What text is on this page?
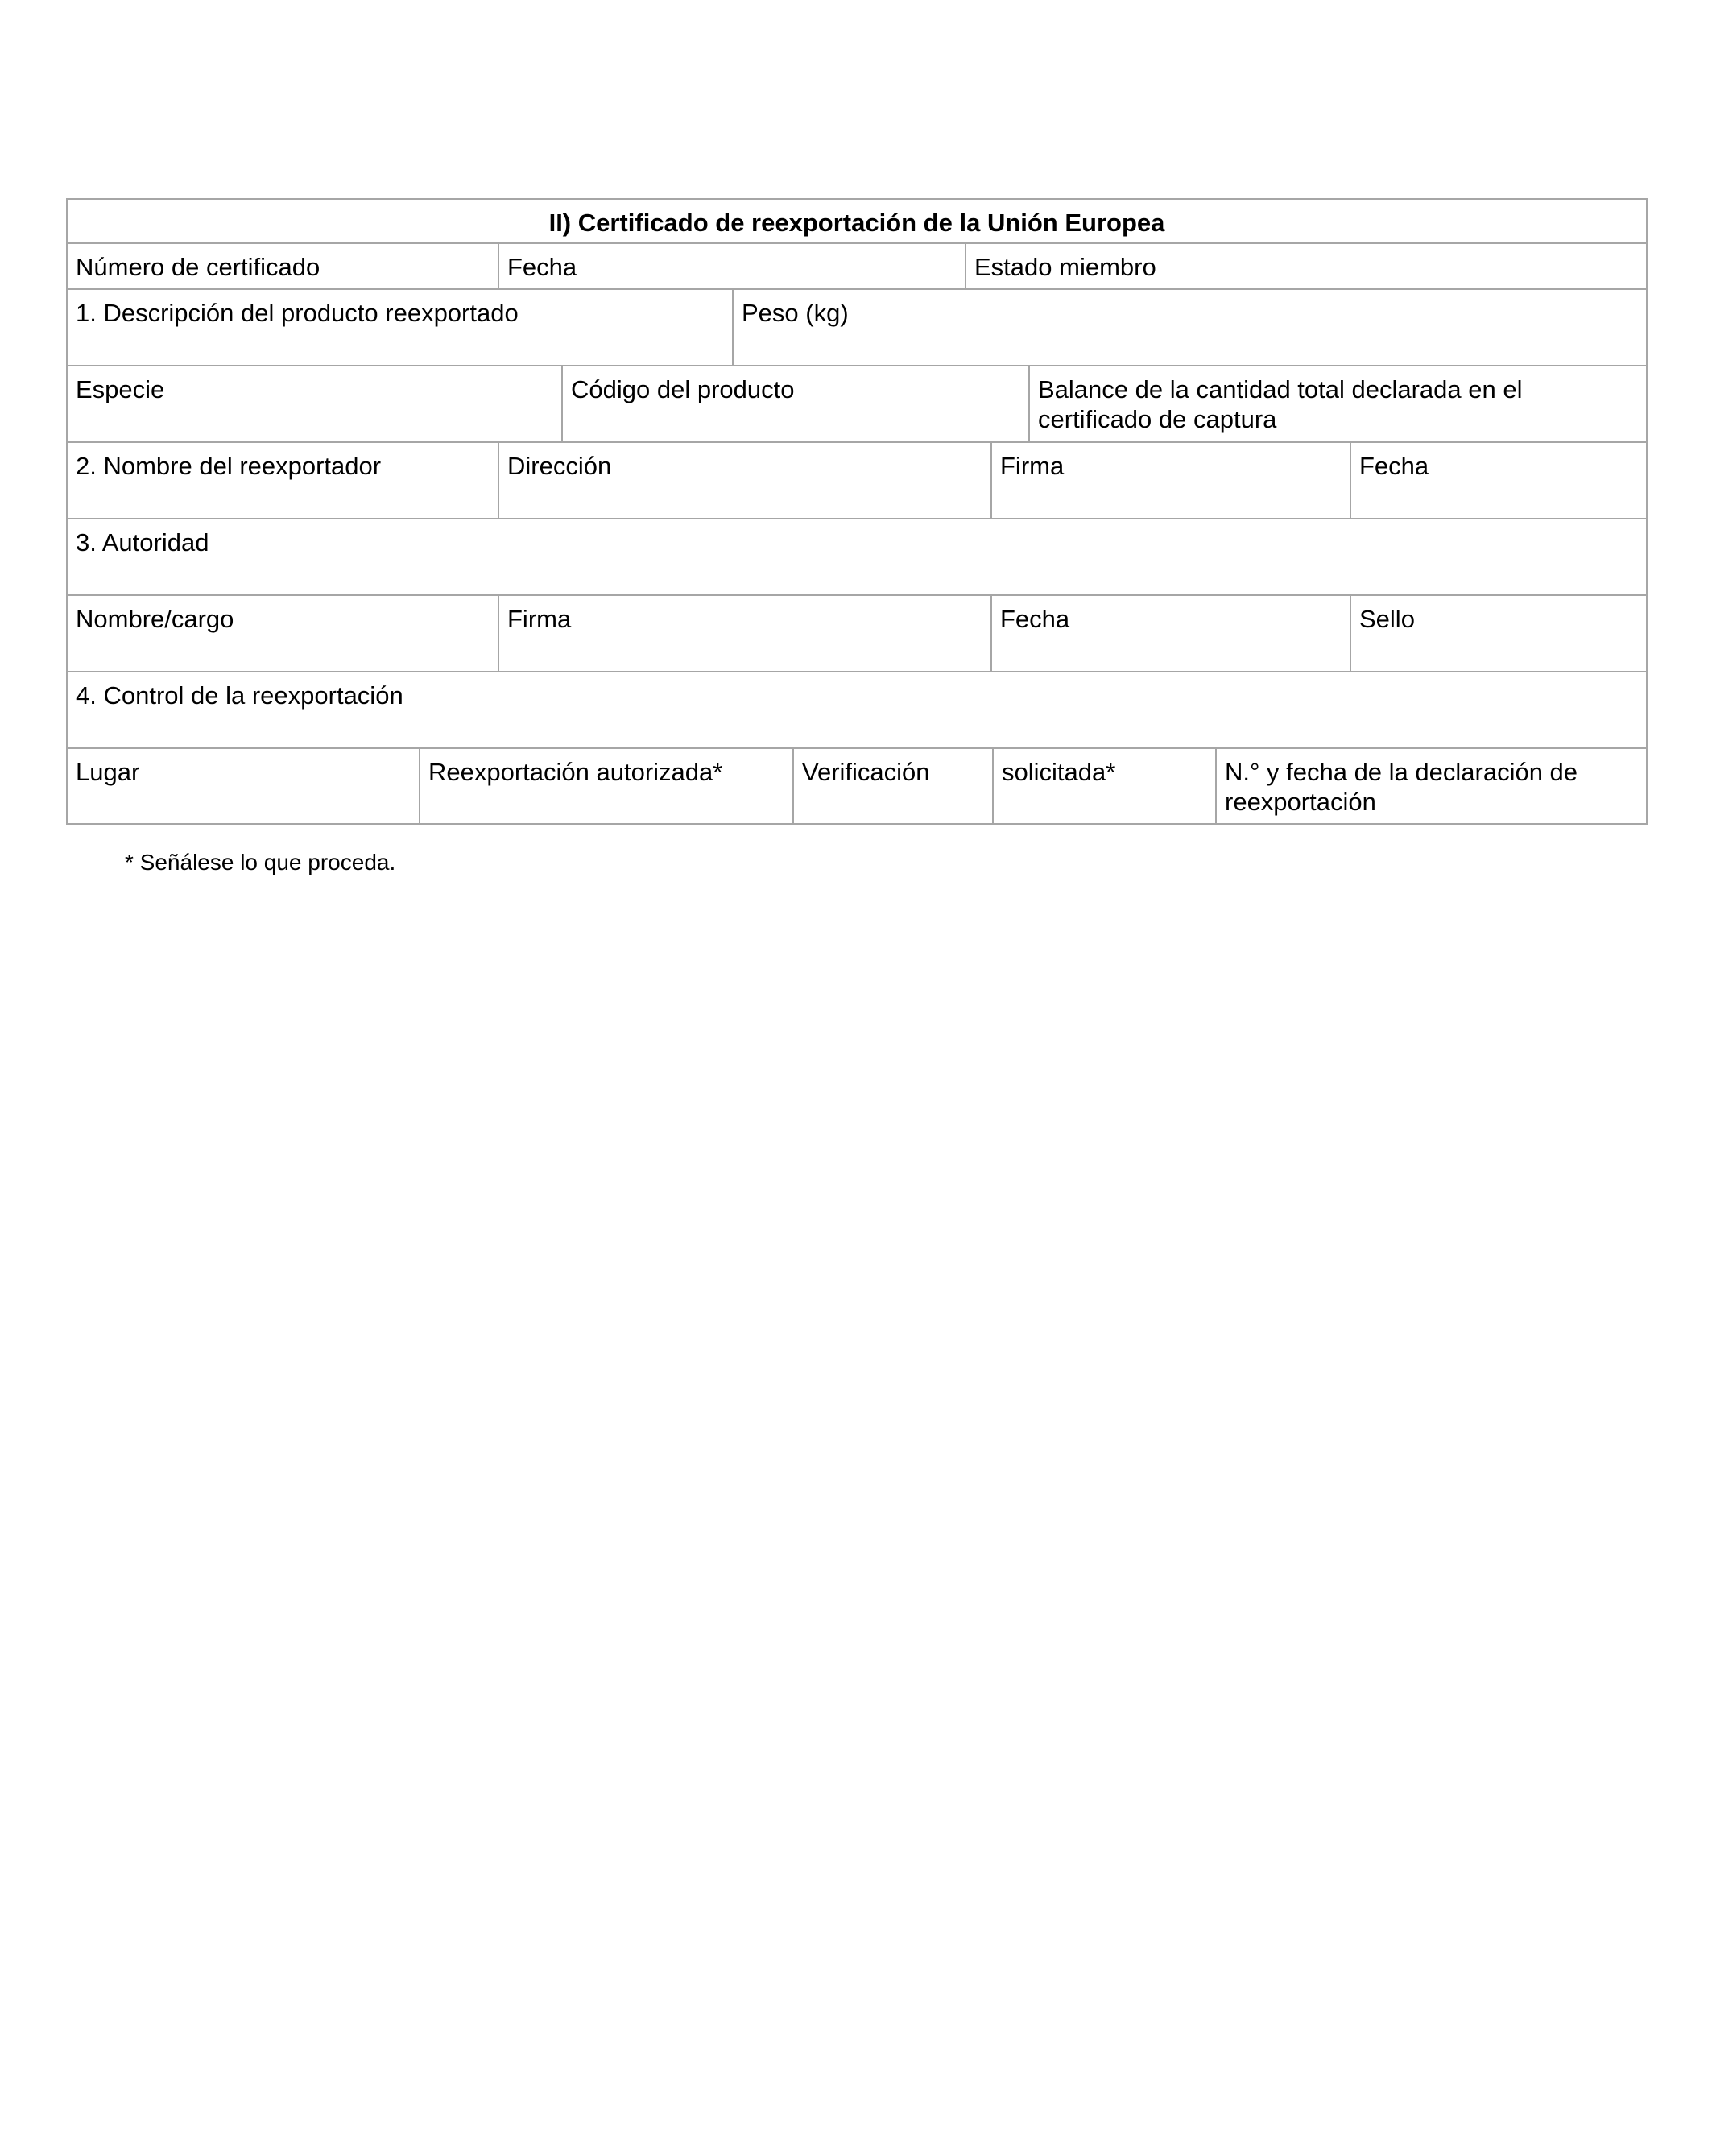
II) Certificado de reexportación de la Unión Europea
Número de certificado	Fecha	Estado miembro
1. Descripción del producto reexportado	Peso (kg)
Especie	Código del producto	Balance de la cantidad total declarada en el certificado de captura
2. Nombre del reexportador	Dirección	Firma	Fecha
3. Autoridad
Nombre/cargo	Firma	Fecha	Sello
4. Control de la reexportación
Lugar	Reexportación autorizada*	Verificación	solicitada*	N.° y fecha de la declaración de reexportación
* Señálese lo que proceda.
